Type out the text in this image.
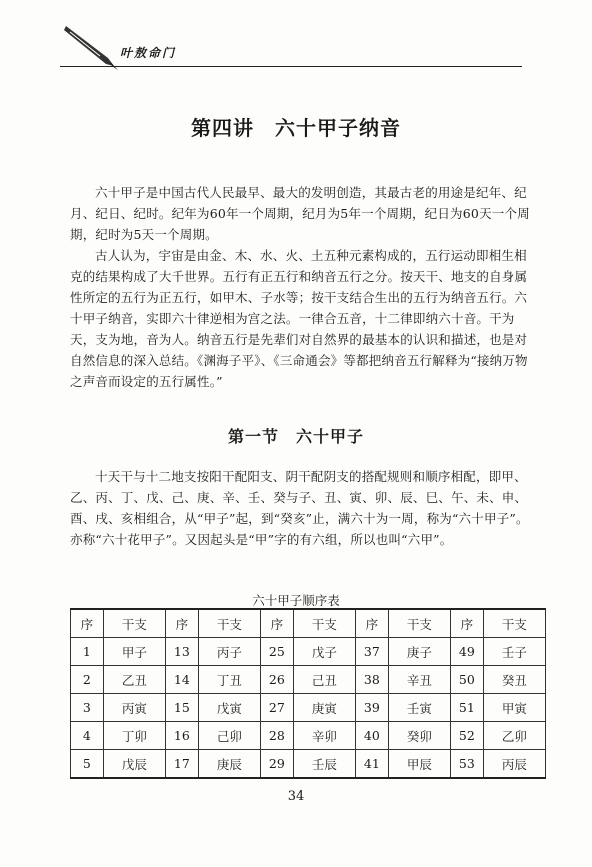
叶敖命门
第四讲　六十甲子纳音

六十甲子是中国古代人民最早、最大的发明创造，其最古老的用途是纪年、纪月、纪日、纪时。纪年为60年一个周期，纪月为5年一个周期，纪日为60天一个周期，纪时为5天一个周期。

古人认为，宇宙是由金、木、水、火、土五种元素构成的，五行运动即相生相克的结果构成了大千世界。五行有正五行和纳音五行之分。按天干、地支的自身属性所定的五行为正五行，如甲木、子水等；按干支结合生出的五行为纳音五行。六十甲子纳音，实即六十律逆相为宫之法。一律合五音，十二律即纳六十音。干为天，支为地，音为人。纳音五行是先辈们对自然界的最基本的认识和描述，也是对自然信息的深入总结。《渊海子平》、《三命通会》等都把纳音五行解释为“接纳万物之声音而设定的五行属性。”

第一节　六十甲子

十天干与十二地支按阳干配阳支、阴干配阴支的搭配规则和顺序相配，即甲、乙、丙、丁、戊、己、庚、辛、壬、癸与子、丑、寅、卯、辰、巳、午、未、申、酉、戌、亥相组合，从“甲子”起，到“癸亥”止，满六十为一周，称为“六十甲子”。亦称“六十花甲子”。又因起头是“甲”字的有六组，所以也叫“六甲”。

六十甲子顺序表
序	干支	序	干支	序	干支	序	干支	序	干支
1	甲子	13	丙子	25	戊子	37	庚子	49	壬子
2	乙丑	14	丁丑	26	己丑	38	辛丑	50	癸丑
3	丙寅	15	戊寅	27	庚寅	39	壬寅	51	甲寅
4	丁卯	16	己卯	28	辛卯	40	癸卯	52	乙卯
5	戊辰	17	庚辰	29	壬辰	41	甲辰	53	丙辰
34
